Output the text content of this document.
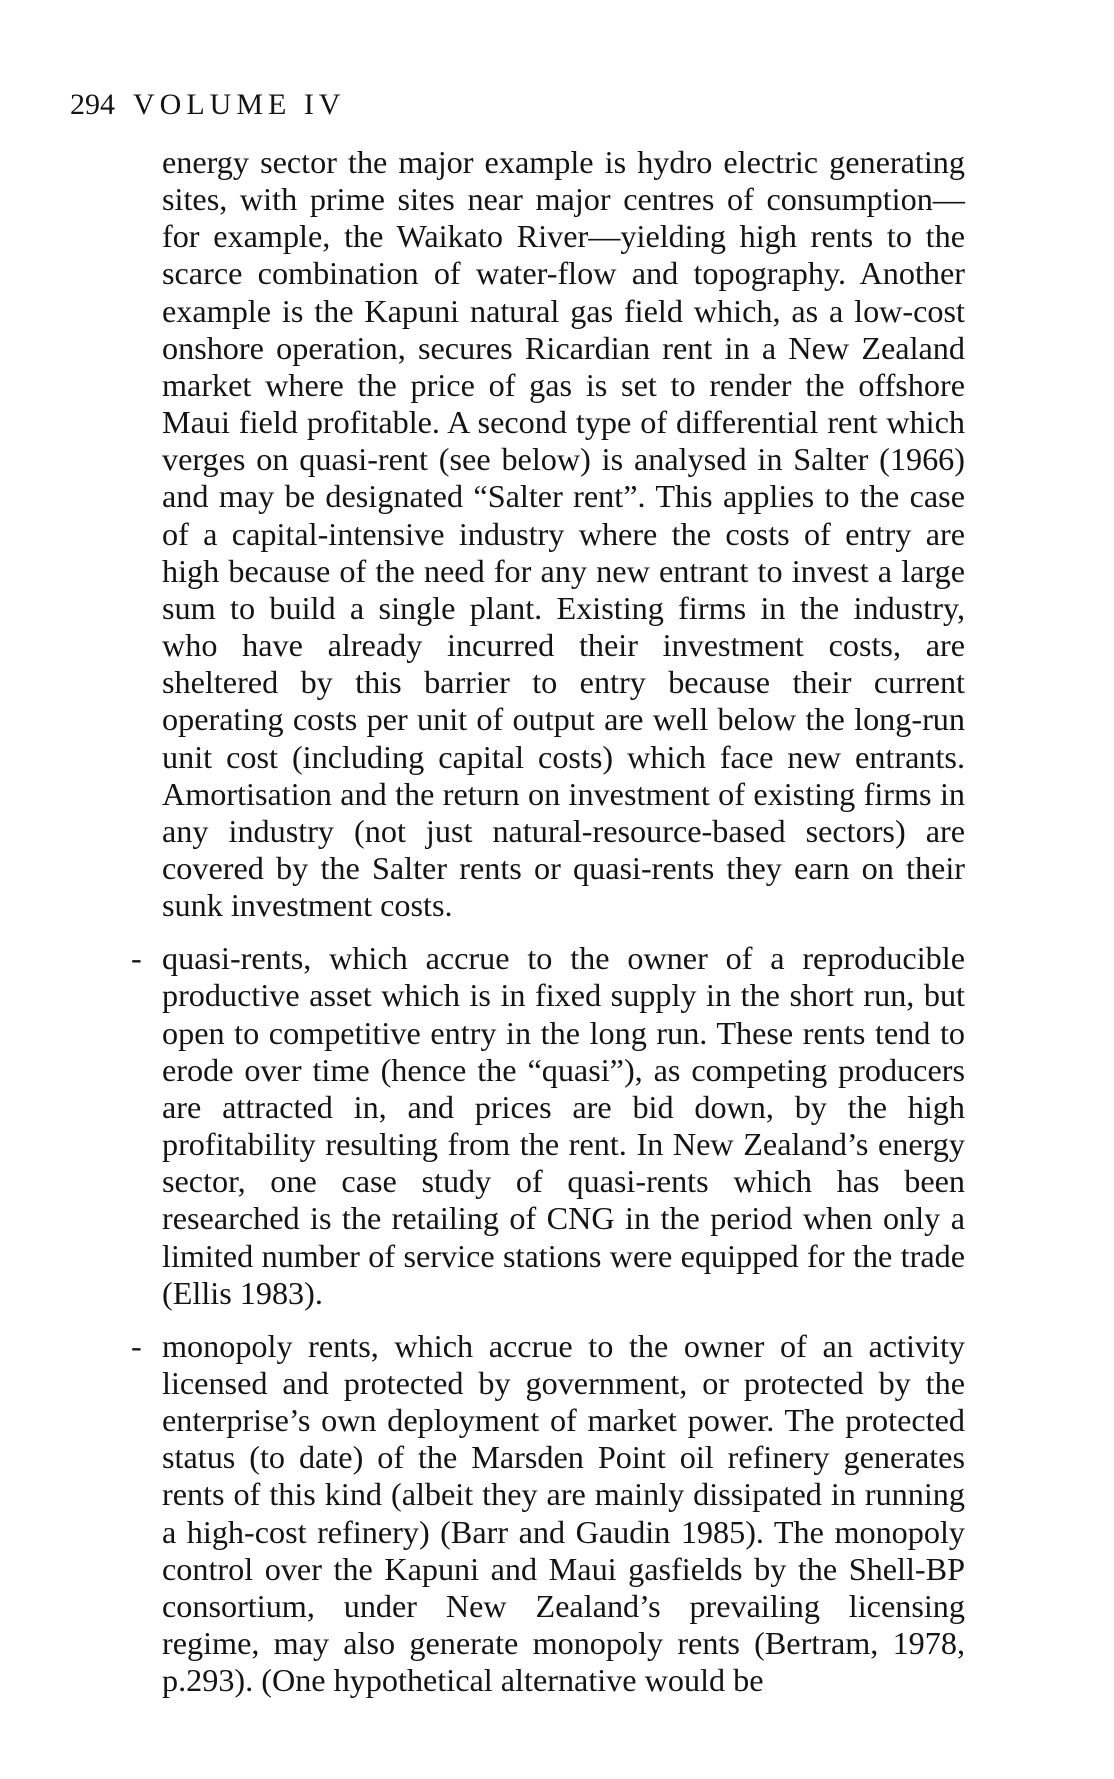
294 VOLUME IV

energy sector the major example is hydro electric generating sites, with prime sites near major centres of consumption—for example, the Waikato River—yielding high rents to the scarce combination of water-flow and topography. Another example is the Kapuni natural gas field which, as a low-cost onshore operation, secures Ricardian rent in a New Zealand market where the price of gas is set to render the offshore Maui field profitable. A second type of differential rent which verges on quasi-rent (see below) is analysed in Salter (1966) and may be designated “Salter rent”. This applies to the case of a capital-intensive industry where the costs of entry are high because of the need for any new entrant to invest a large sum to build a single plant. Existing firms in the industry, who have already incurred their investment costs, are sheltered by this barrier to entry because their current operating costs per unit of output are well below the long-run unit cost (including capital costs) which face new entrants. Amortisation and the return on investment of existing firms in any industry (not just natural-resource-based sectors) are covered by the Salter rents or quasi-rents they earn on their sunk investment costs.

- quasi-rents, which accrue to the owner of a reproducible productive asset which is in fixed supply in the short run, but open to competitive entry in the long run. These rents tend to erode over time (hence the “quasi”), as competing producers are attracted in, and prices are bid down, by the high profitability resulting from the rent. In New Zealand’s energy sector, one case study of quasi-rents which has been researched is the retailing of CNG in the period when only a limited number of service stations were equipped for the trade (Ellis 1983).
- monopoly rents, which accrue to the owner of an activity licensed and protected by government, or protected by the enterprise’s own deployment of market power. The protected status (to date) of the Marsden Point oil refinery generates rents of this kind (albeit they are mainly dissipated in running a high-cost refinery) (Barr and Gaudin 1985). The monopoly control over the Kapuni and Maui gasfields by the Shell-BP consortium, under New Zealand’s prevailing licensing regime, may also generate monopoly rents (Bertram, 1978, p.293). (One hypothetical alternative would be
